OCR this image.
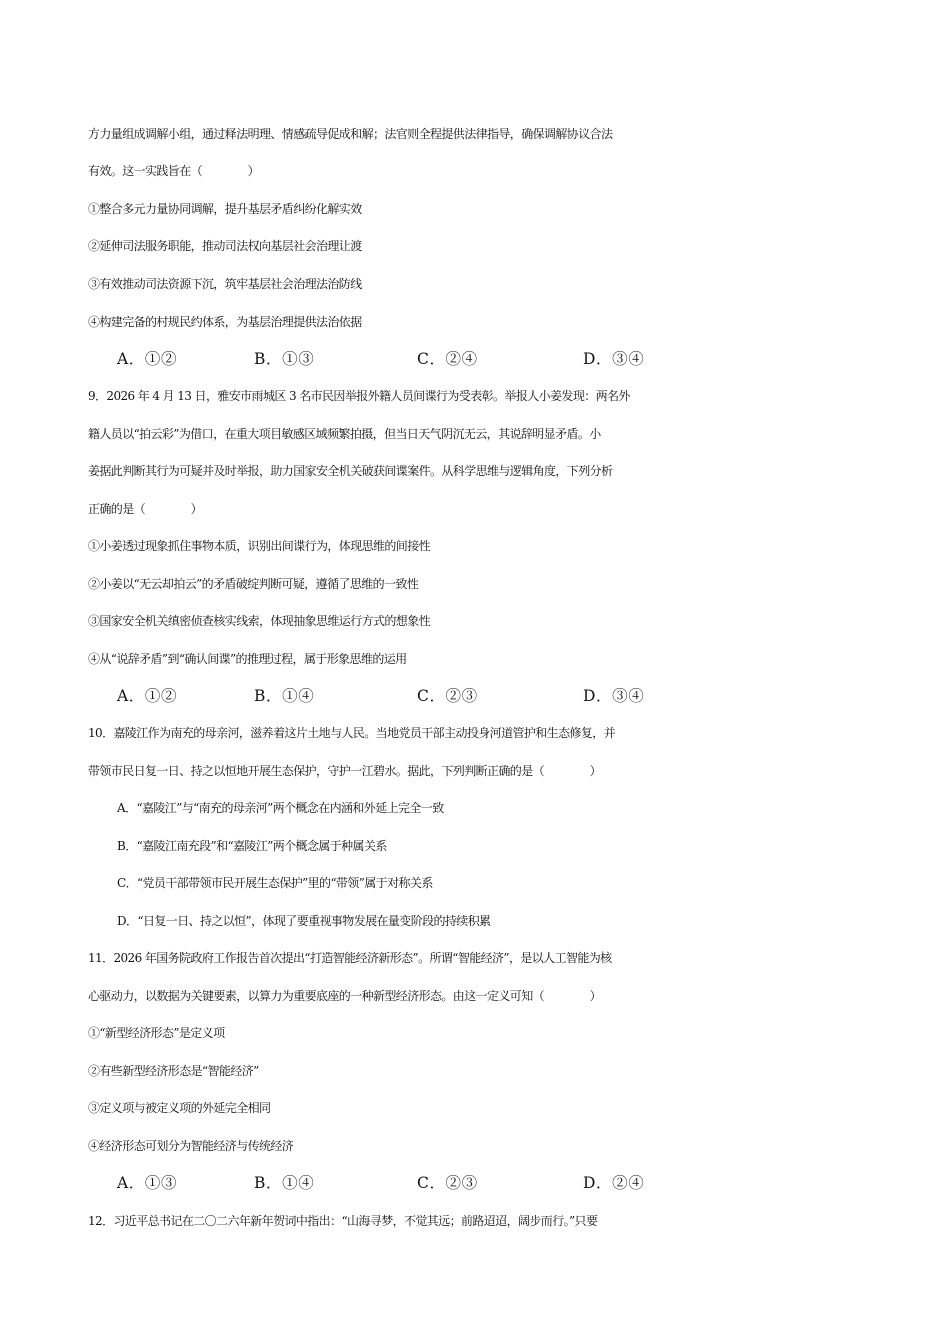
方力量组成调解小组，通过释法明理、情感疏导促成和解；法官则全程提供法律指导，确保调解协议合法
有效。这一实践旨在（　　　　）
①整合多元力量协同调解，提升基层矛盾纠纷化解实效
②延伸司法服务职能，推动司法权向基层社会治理让渡
③有效推动司法资源下沉，筑牢基层社会治理法治防线
④构建完备的村规民约体系，为基层治理提供法治依据
A．①②	B．①③	C．②④	D．③④
9．2026 年 4 月 13 日，雅安市雨城区 3 名市民因举报外籍人员间谍行为受表彰。举报人小姜发现：两名外
籍人员以“拍云彩”为借口，在重大项目敏感区域频繁拍摄，但当日天气阴沉无云，其说辞明显矛盾。小
姜据此判断其行为可疑并及时举报，助力国家安全机关破获间谍案件。从科学思维与逻辑角度，下列分析
正确的是（　　　　）
①小姜透过现象抓住事物本质，识别出间谍行为，体现思维的间接性
②小姜以“无云却拍云”的矛盾破绽判断可疑，遵循了思维的一致性
③国家安全机关缜密侦查核实线索，体现抽象思维运行方式的想象性
④从“说辞矛盾”到“确认间谍”的推理过程，属于形象思维的运用
A．①②	B．①④	C．②③	D．③④
10．嘉陵江作为南充的母亲河，滋养着这片土地与人民。当地党员干部主动投身河道管护和生态修复，并
带领市民日复一日、持之以恒地开展生态保护，守护一江碧水。据此，下列判断正确的是（　　　　）
A．“嘉陵江”与“南充的母亲河”两个概念在内涵和外延上完全一致
B．“嘉陵江南充段”和“嘉陵江”两个概念属于种属关系
C．“党员干部带领市民开展生态保护”里的“带领”属于对称关系
D．“日复一日、持之以恒”，体现了要重视事物发展在量变阶段的持续积累
11．2026 年国务院政府工作报告首次提出“打造智能经济新形态”。所谓“智能经济”，是以人工智能为核
心驱动力，以数据为关键要素，以算力为重要底座的一种新型经济形态。由这一定义可知（　　　　）
①“新型经济形态”是定义项
②有些新型经济形态是“智能经济”
③定义项与被定义项的外延完全相同
④经济形态可划分为智能经济与传统经济
A．①③	B．①④	C．②③	D．②④
12．习近平总书记在二〇二六年新年贺词中指出：“山海寻梦，不觉其远；前路迢迢，阔步而行。”只要
